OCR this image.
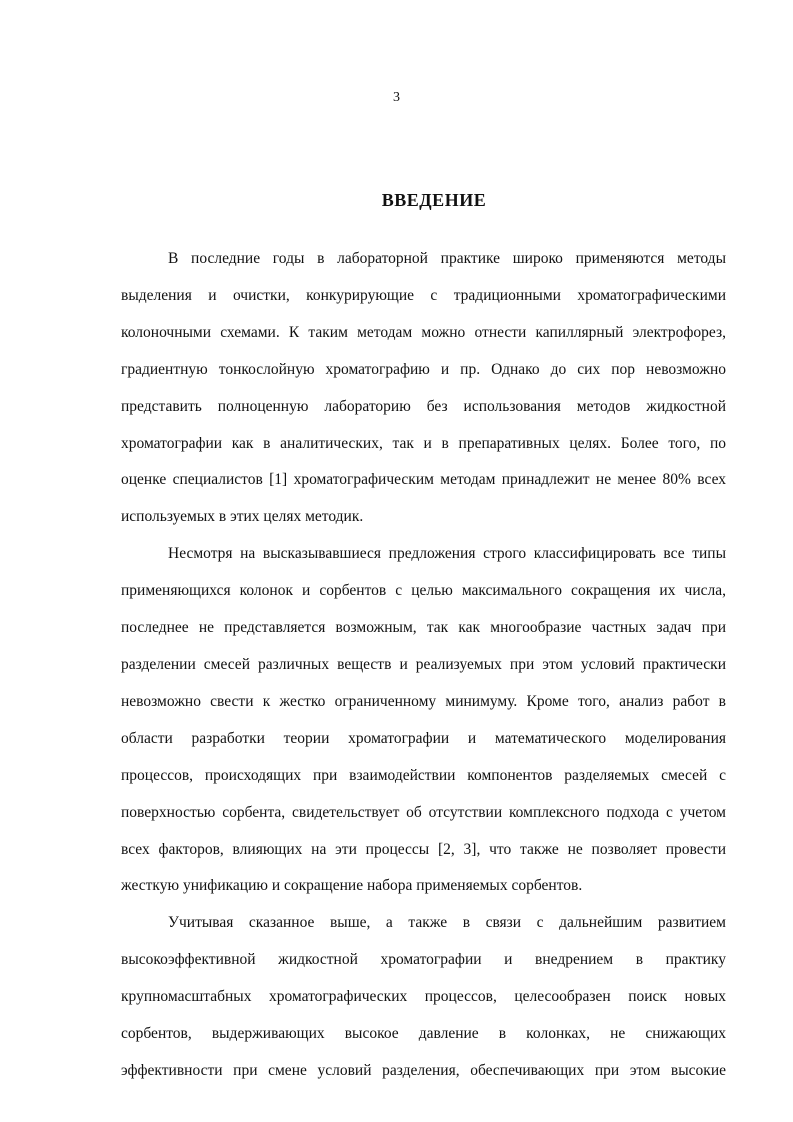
3
ВВЕДЕНИЕ

В последние годы в лабораторной практике широко применяются методы
выделения и очистки, конкурирующие с традиционными хроматографическими
колоночными схемами. К таким методам можно отнести капиллярный электрофорез,
градиентную тонкослойную хроматографию и пр. Однако до сих пор невозможно
представить полноценную лабораторию без использования методов жидкостной
хроматографии как в аналитических, так и в препаративных целях. Более того, по
оценке специалистов [1] хроматографическим методам принадлежит не менее 80% всех
используемых в этих целях методик.

Несмотря на высказывавшиеся предложения строго классифицировать все типы
применяющихся колонок и сорбентов с целью максимального сокращения их числа,
последнее не представляется возможным, так как многообразие частных задач при
разделении смесей различных веществ и реализуемых при этом условий практически
невозможно свести к жестко ограниченному минимуму. Кроме того, анализ работ в
области разработки теории хроматографии и математического моделирования
процессов, происходящих при взаимодействии компонентов разделяемых смесей с
поверхностью сорбента, свидетельствует об отсутствии комплексного подхода с учетом
всех факторов, влияющих на эти процессы [2, 3], что также не позволяет провести
жесткую унификацию и сокращение набора применяемых сорбентов.

Учитывая сказанное выше, а также в связи с дальнейшим развитием
высокоэффективной жидкостной хроматографии и внедрением в практику
крупномасштабных хроматографических процессов, целесообразен поиск новых
сорбентов, выдерживающих высокое давление в колонках, не снижающих
эффективности при смене условий разделения, обеспечивающих при этом высокие
